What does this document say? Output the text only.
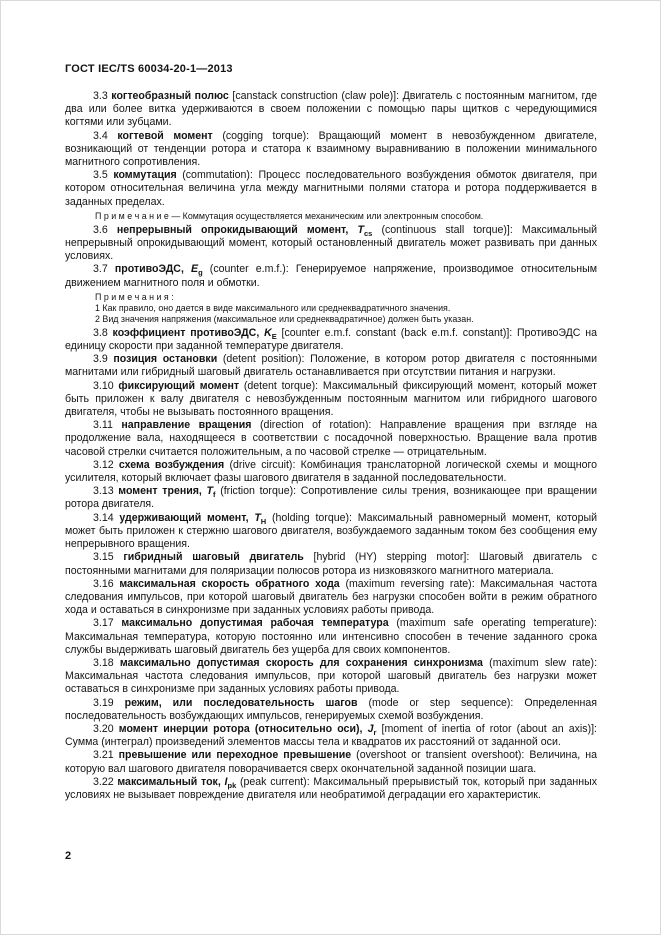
ГОСТ IEC/TS 60034-20-1—2013

3.3 когтеобразный полюс [canstack construction (claw pole)]: Двигатель с постоянным магнитом, где два или более витка удерживаются в своем положении с помощью пары щитков с чередующимися когтями или зубцами.

3.4 когтевой момент (cogging torque): Вращающий момент в невозбужденном двигателе, возникающий от тенденции ротора и статора к взаимному выравниванию в положении минимального магнитного сопротивления.

3.5 коммутация (commutation): Процесс последовательного возбуждения обмоток двигателя, при котором относительная величина угла между магнитными полями статора и ротора поддерживается в заданных пределах.

П р и м е ч а н и е — Коммутация осуществляется механическим или электронным способом.

3.6 непрерывный опрокидывающий момент, $T_{cs}$ (continuous stall torque)]: Максимальный непрерывный опрокидывающий момент, который остановленный двигатель может развивать при данных условиях.

3.7 противоЭДС, $E_g$ (counter e.m.f.): Генерируемое напряжение, производимое относительным движением магнитного поля и обмотки.

П р и м е ч а н и я :
1 Как правило, оно дается в виде максимального или среднеквадратичного значения.
2 Вид значения напряжения (максимальное или среднеквадратичное) должен быть указан.

3.8 коэффициент противоЭДС, $K_E$ [counter e.m.f. constant (back e.m.f. constant)]: ПротивоЭДС на единицу скорости при заданной температуре двигателя.

3.9 позиция остановки (detent position): Положение, в котором ротор двигателя с постоянными магнитами или гибридный шаговый двигатель останавливается при отсутствии питания и нагрузки.

3.10 фиксирующий момент (detent torque): Максимальный фиксирующий момент, который может быть приложен к валу двигателя с невозбужденным постоянным магнитом или гибридного шагового двигателя, чтобы не вызывать постоянного вращения.

3.11 направление вращения (direction of rotation): Направление вращения при взгляде на продолжение вала, находящееся в соответствии с посадочной поверхностью. Вращение вала против часовой стрелки считается положительным, а по часовой стрелке — отрицательным.

3.12 схема возбуждения (drive circuit): Комбинация транслаторной логической схемы и мощного усилителя, который включает фазы шагового двигателя в заданной последовательности.

3.13 момент трения, $T_f$ (friction torque): Сопротивление силы трения, возникающее при вращении ротора двигателя.

3.14 удерживающий момент, $T_H$ (holding torque): Максимальный равномерный момент, который может быть приложен к стержню шагового двигателя, возбуждаемого заданным током без сообщения ему непрерывного вращения.

3.15 гибридный шаговый двигатель [hybrid (HY) stepping motor]: Шаговый двигатель с постоянными магнитами для поляризации полюсов ротора из низковязкого магнитного материала.

3.16 максимальная скорость обратного хода (maximum reversing rate): Максимальная частота следования импульсов, при которой шаговый двигатель без нагрузки способен войти в режим обратного хода и оставаться в синхронизме при заданных условиях работы привода.

3.17 максимально допустимая рабочая температура (maximum safe operating temperature): Максимальная температура, которую постоянно или интенсивно способен в течение заданного срока службы выдерживать шаговый двигатель без ущерба для своих компонентов.

3.18 максимально допустимая скорость для сохранения синхронизма (maximum slew rate): Максимальная частота следования импульсов, при которой шаговый двигатель без нагрузки может оставаться в синхронизме при заданных условиях работы привода.

3.19 режим, или последовательность шагов (mode or step sequence): Определенная последовательность возбуждающих импульсов, генерируемых схемой возбуждения.

3.20 момент инерции ротора (относительно оси), $J_r$ [moment of inertia of rotor (about an axis)]: Сумма (интеграл) произведений элементов массы тела и квадратов их расстояний от заданной оси.

3.21 превышение или переходное превышение (overshoot or transient overshoot): Величина, на которую вал шагового двигателя поворачивается сверх окончательной заданной позиции шага.

3.22 максимальный ток, $I_{pk}$ (peak current): Максимальный прерывистый ток, который при заданных условиях не вызывает повреждение двигателя или необратимой деградации его характеристик.

2
